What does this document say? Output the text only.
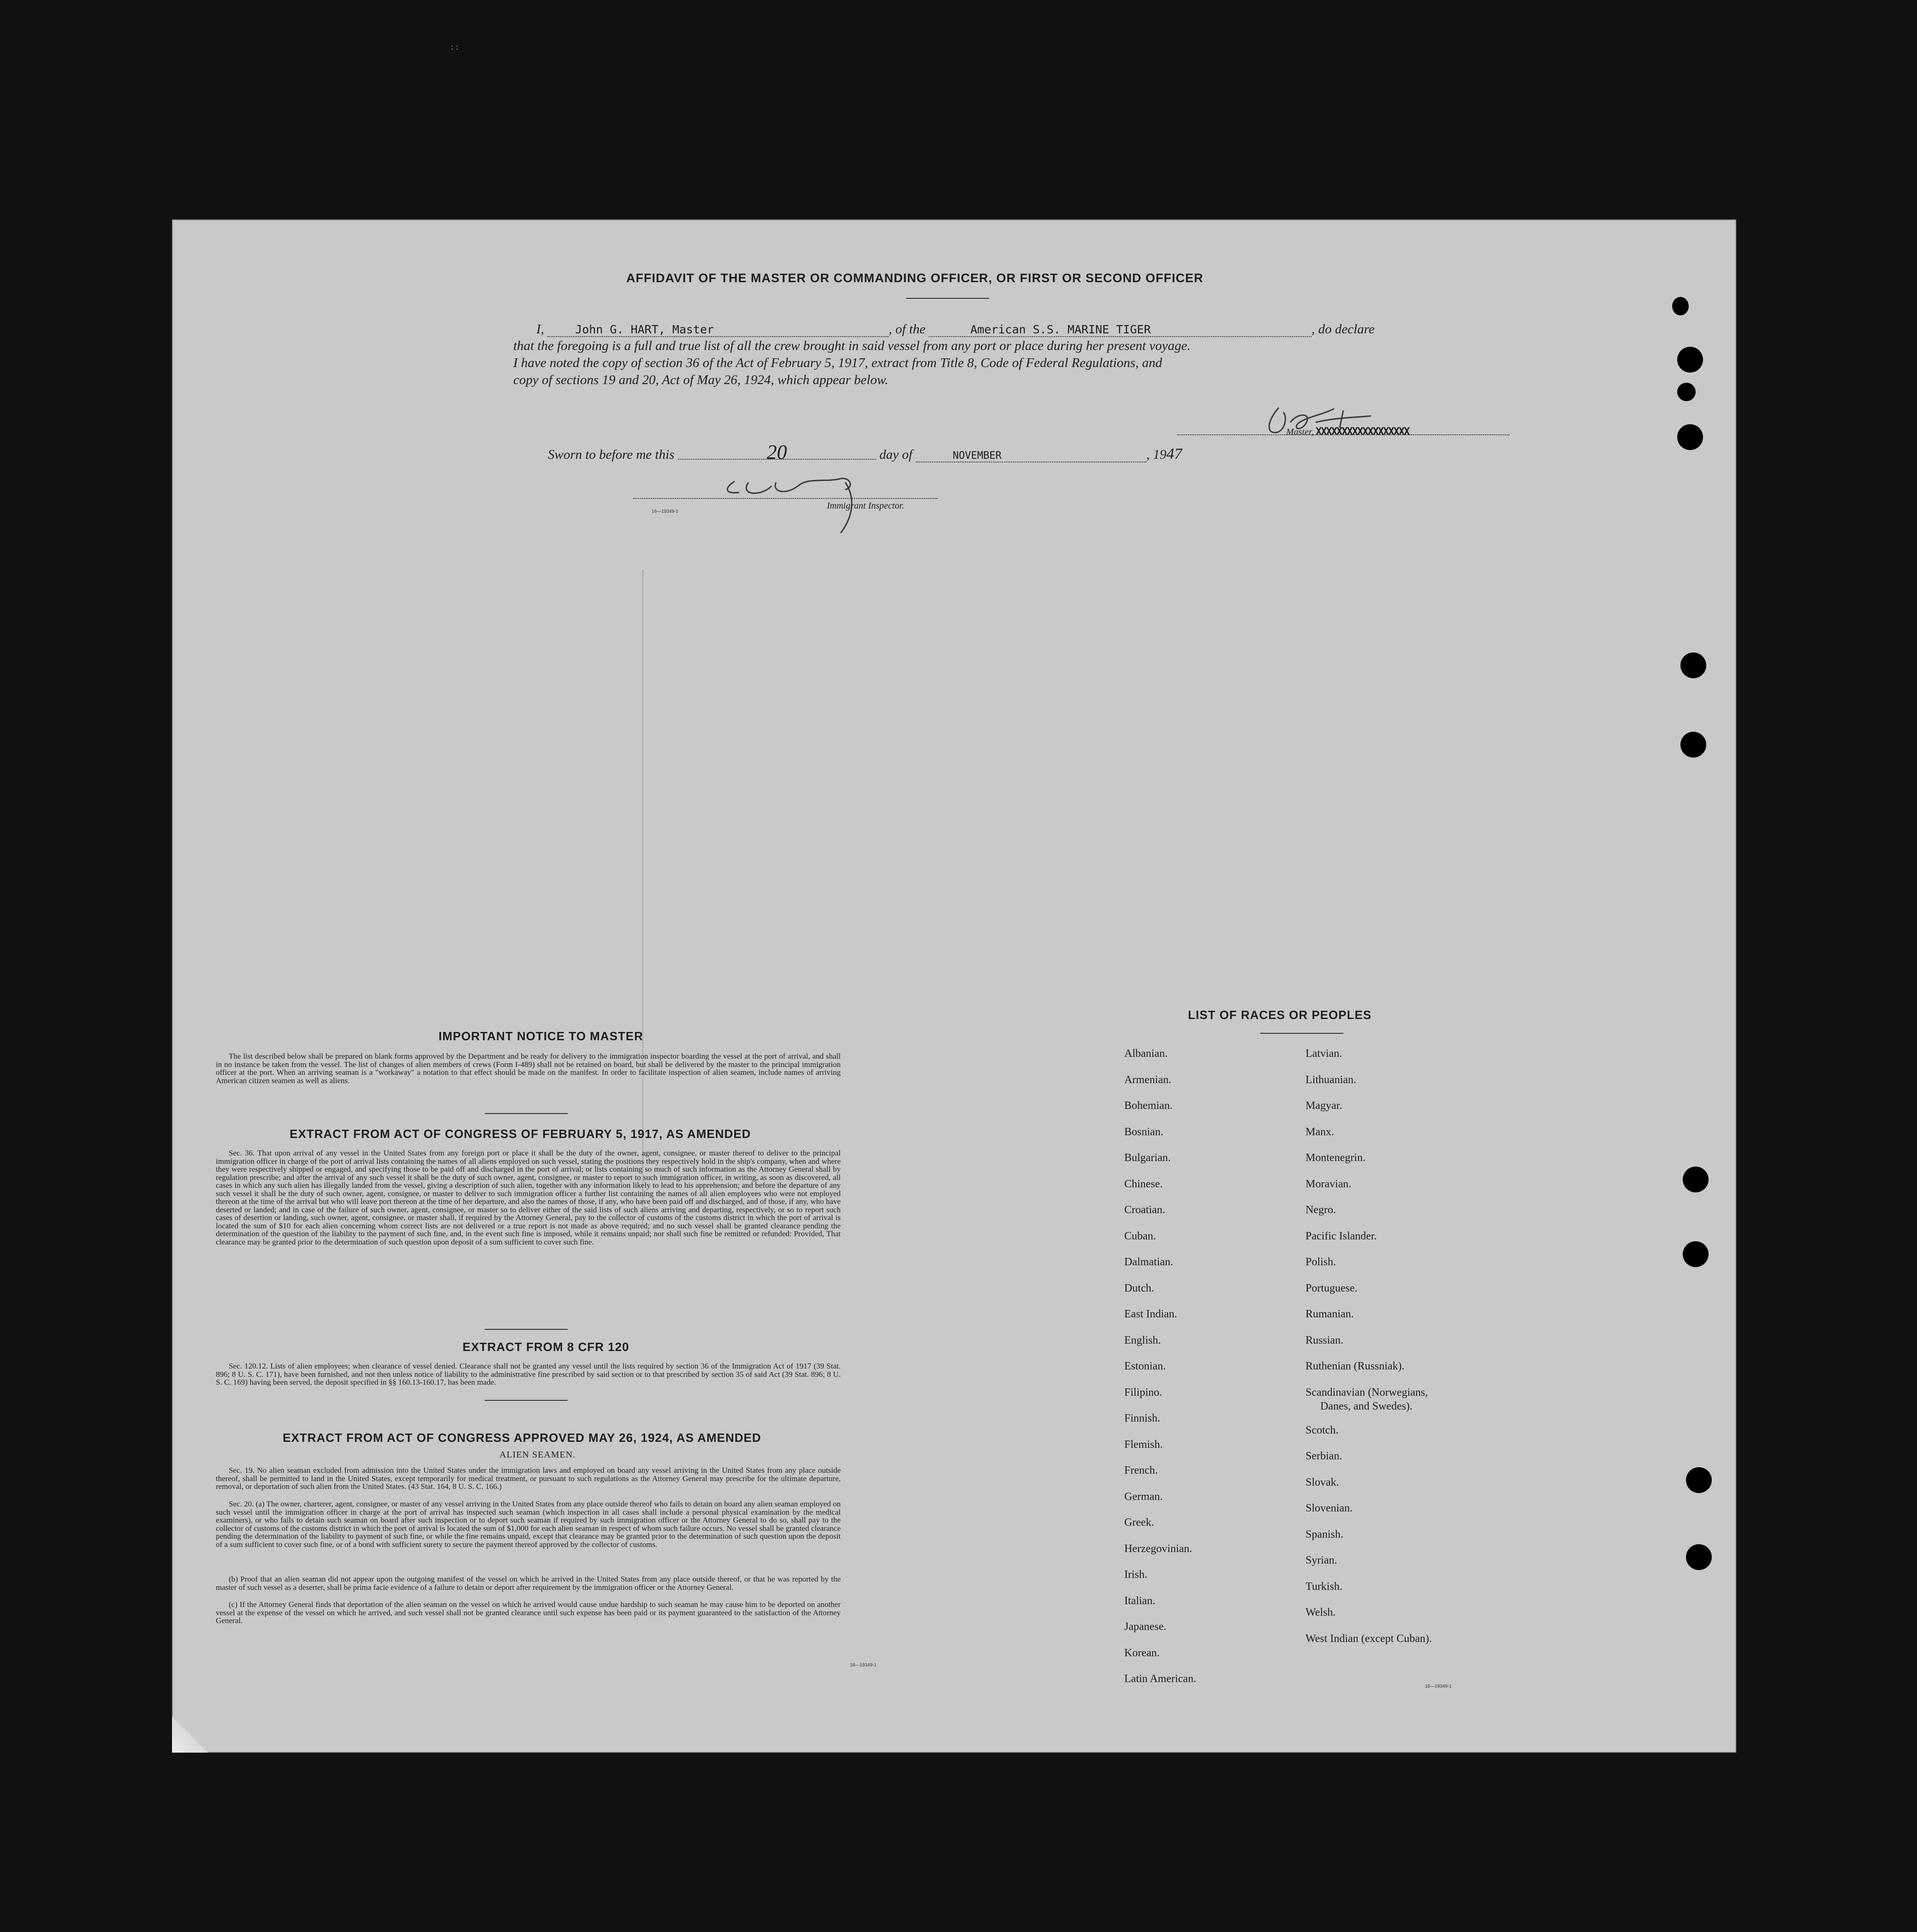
::
AFFIDAVIT OF THE MASTER OR COMMANDING OFFICER, OR FIRST OR SECOND OFFICER
I,	John G. HART, Master	, of the	American S.S. MARINE TIGER	, do declare
that the foregoing is a full and true list of all the crew brought in said vessel from any port or place during her present voyage.
I have noted the copy of section 36 of the Act of February 5, 1917, extract from Title 8, Code of Federal Regulations, and
copy of sections 19 and 20, Act of May 26, 1924, which appear below.
Master, XXXXXXXXXXXXXXXXXX
Sworn to before me this	20	day of	NOVEMBER	, 1947
Immigrant Inspector.
16—19349-1
IMPORTANT NOTICE TO MASTER
The list described below shall be prepared on blank forms approved by the Department and be ready for delivery to the immigration inspector boarding the vessel at the port of arrival, and shall in no instance be taken from the vessel. The list of changes of alien members of crews (Form I-489) shall not be retained on board, but shall be delivered by the master to the principal immigration officer at the port. When an arriving seaman is a "workaway" a notation to that effect should be made on the manifest. In order to facilitate inspection of alien seamen, include names of arriving American citizen seamen as well as aliens.
EXTRACT FROM ACT OF CONGRESS OF FEBRUARY 5, 1917, AS AMENDED
Sec. 36. That upon arrival of any vessel in the United States from any foreign port or place it shall be the duty of the owner, agent, consignee, or master thereof to deliver to the principal immigration officer in charge of the port of arrival lists containing the names of all aliens employed on such vessel, stating the positions they respectively hold in the ship's company, when and where they were respectively shipped or engaged, and specifying those to be paid off and discharged in the port of arrival; or lists containing so much of such information as the Attorney General shall by regulation prescribe; and after the arrival of any such vessel it shall be the duty of such owner, agent, consignee, or master to report to such immigration officer, in writing, as soon as discovered, all cases in which any such alien has illegally landed from the vessel, giving a description of such alien, together with any information likely to lead to his apprehension; and before the departure of any such vessel it shall be the duty of such owner, agent, consignee, or master to deliver to such immigration officer a further list containing the names of all alien employees who were not employed thereon at the time of the arrival but who will leave port thereon at the time of her departure, and also the names of those, if any, who have been paid off and discharged, and of those, if any, who have deserted or landed; and in case of the failure of such owner, agent, consignee, or master so to deliver either of the said lists of such aliens arriving and departing, respectively, or so to report such cases of desertion or landing, such owner, agent, consignee, or master shall, if required by the Attorney General, pay to the collector of customs of the customs district in which the port of arrival is located the sum of $10 for each alien concerning whom correct lists are not delivered or a true report is not made as above required; and no such vessel shall be granted clearance pending the determination of the question of the liability to the payment of such fine, and, in the event such fine is imposed, while it remains unpaid; nor shall such fine be remitted or refunded: Provided, That clearance may be granted prior to the determination of such question upon deposit of a sum sufficient to cover such fine.
EXTRACT FROM 8 CFR 120
Sec. 120.12. Lists of alien employees; when clearance of vessel denied. Clearance shall not be granted any vessel until the lists required by section 36 of the Immigration Act of 1917 (39 Stat. 896; 8 U. S. C. 171), have been furnished, and not then unless notice of liability to the administrative fine prescribed by said section or to that prescribed by section 35 of said Act (39 Stat. 896; 8 U. S. C. 169) having been served, the deposit specified in §§ 160.13-160.17, has been made.
EXTRACT FROM ACT OF CONGRESS APPROVED MAY 26, 1924, AS AMENDED
ALIEN SEAMEN.
Sec. 19. No alien seaman excluded from admission into the United States under the immigration laws and employed on board any vessel arriving in the United States from any place outside thereof, shall be permitted to land in the United States, except temporarily for medical treatment, or pursuant to such regulations as the Attorney General may prescribe for the ultimate departure, removal, or deportation of such alien from the United States. (43 Stat. 164, 8 U. S. C. 166.)
Sec. 20. (a) The owner, charterer, agent, consignee, or master of any vessel arriving in the United States from any place outside thereof who fails to detain on board any alien seaman employed on such vessel until the immigration officer in charge at the port of arrival has inspected such seaman (which inspection in all cases shall include a personal physical examination by the medical examiners), or who fails to detain such seaman on board after such inspection or to deport such seaman if required by such immigration officer or the Attorney General to do so, shall pay to the collector of customs of the customs district in which the port of arrival is located the sum of $1,000 for each alien seaman in respect of whom such failure occurs. No vessel shall be granted clearance pending the determination of the liability to payment of such fine, or while the fine remains unpaid, except that clearance may be granted prior to the determination of such question upon the deposit of a sum sufficient to cover such fine, or of a bond with sufficient surety to secure the payment thereof approved by the collector of customs.
(b) Proof that an alien seaman did not appear upon the outgoing manifest of the vessel on which he arrived in the United States from any place outside thereof, or that he was reported by the master of such vessel as a deserter, shall be prima facie evidence of a failure to detain or deport after requirement by the immigration officer or the Attorney General.
(c) If the Attorney General finds that deportation of the alien seaman on the vessel on which he arrived would cause undue hardship to such seaman he may cause him to be deported on another vessel at the expense of the vessel on which he arrived, and such vessel shall not be granted clearance until such expense has been paid or its payment guaranteed to the satisfaction of the Attorney General.
16—19349-1
LIST OF RACES OR PEOPLES
Albanian.
Armenian.
Bohemian.
Bosnian.
Bulgarian.
Chinese.
Croatian.
Cuban.
Dalmatian.
Dutch.
East Indian.
English.
Estonian.
Filipino.
Finnish.
Flemish.
French.
German.
Greek.
Herzegovinian.
Irish.
Italian.
Japanese.
Korean.
Latin American.
Latvian.
Lithuanian.
Magyar.
Manx.
Montenegrin.
Moravian.
Negro.
Pacific Islander.
Polish.
Portuguese.
Rumanian.
Russian.
Ruthenian (Russniak).
Scandinavian (Norwegians,
Danes, and Swedes).
Scotch.
Serbian.
Slovak.
Slovenian.
Spanish.
Syrian.
Turkish.
Welsh.
West Indian (except Cuban).
16—19349-1
